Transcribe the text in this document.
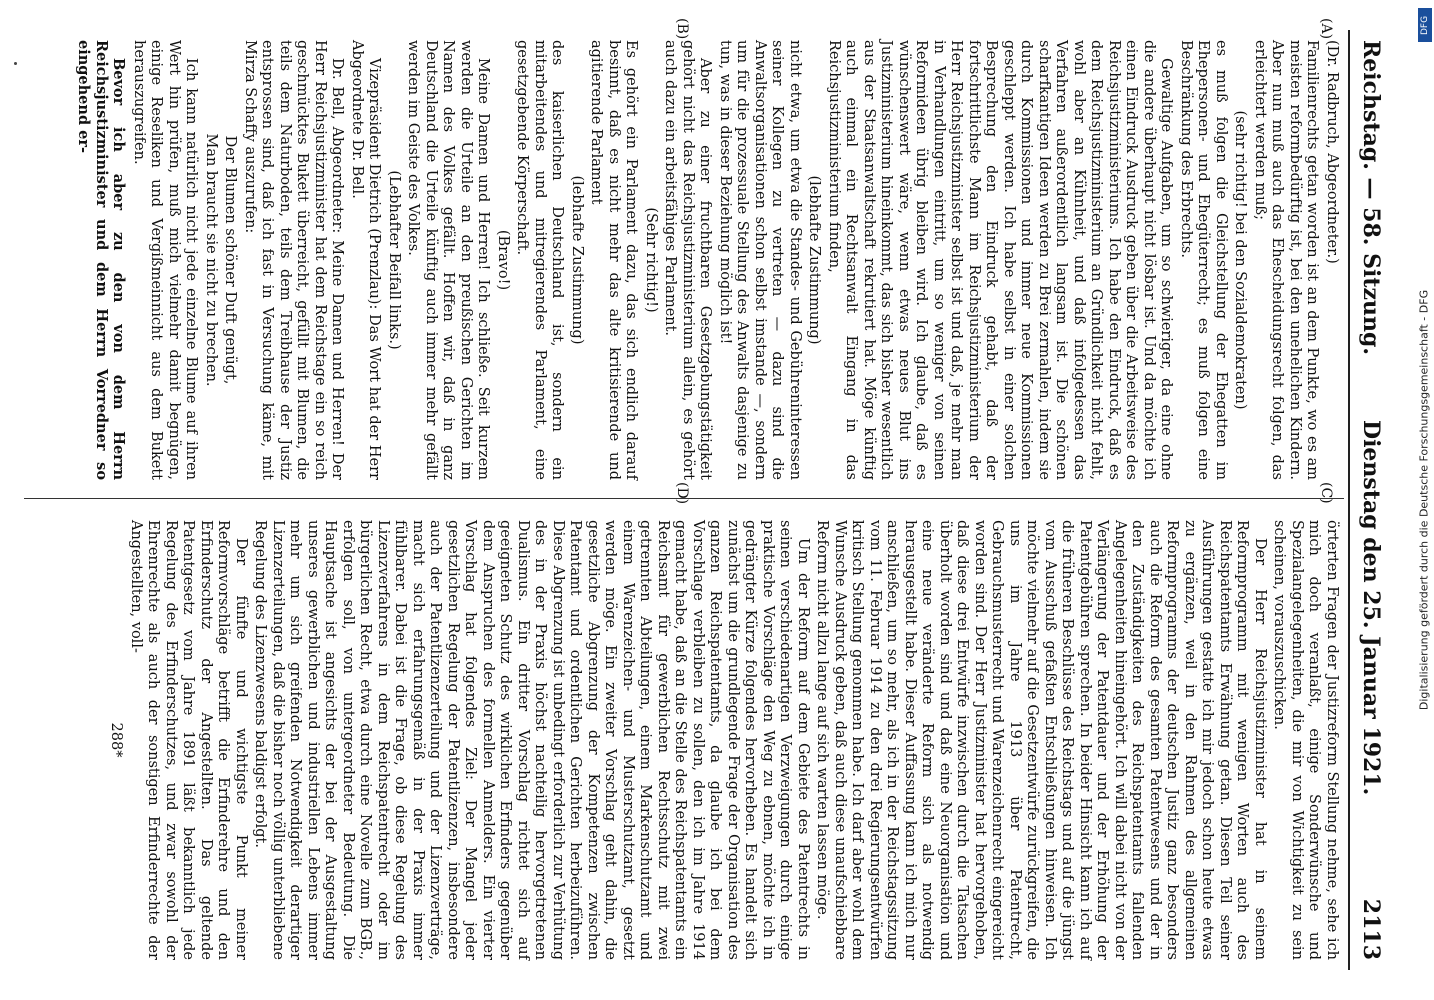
Reichstag. — 58. Sitzung.
Dienstag den 25. Januar 1921.
2113
(A)
(B)
(C)
(D)

(Dr. Radbruch, Abgeordneter.)

Familienrechts getan worden ist an dem Punkte, wo es am meisten reformbedürftig ist, bei den unehelichen Kindern. Aber nun muß auch das Ehescheidungsrecht folgen, das erleichtert werden muß;

(sehr richtig! bei den Sozialdemokraten)

es muß folgen die Gleichstellung der Ehegatten im Ehepersonen- und Ehegüterrecht; es muß folgen eine Beschränkung des Erbrechts.

Gewaltige Aufgaben, um so schwieriger, da eine ohne die andere überhaupt nicht lösbar ist. Und da möchte ich einen Eindruck Ausdruck geben über die Arbeitsweise des Reichsjustizministeriums. Ich habe den Eindruck, daß es dem Reichsjustizministerium an Gründlichkeit nicht fehlt, wohl aber an Kühnheit, und daß infolgedessen das Verfahren außerordentlich langsam ist. Die schönen scharfkantigen Ideen werden zu Brei zermahlen, indem sie durch Kommissionen und immer neue Kommissionen geschleppt werden. Ich habe selbst in einer solchen Besprechung den Eindruck gehabt, daß der fortschrittlichste Mann im Reichsjustizministerium der Herr Reichsjustizminister selbst ist und daß, je mehr man in Verhandlungen eintritt, um so weniger von seinen Reformideen übrig bleiben wird. Ich glaube, daß es wünschenswert wäre, wenn etwas neues Blut ins Justizministerium hineinkommt, das sich bisher wesentlich aus der Staatsanwaltschaft rekrutiert hat. Möge künftig auch einmal ein Rechtsanwalt Eingang in das Reichsjustizministerium finden,

(lebhafte Zustimmung)

nicht etwa, um etwa die Standes- und Gebühreninteressen seiner Kollegen zu vertreten — dazu sind die Anwaltsorganisationen schon selbst imstande —, sondern um für die prozessuale Stellung des Anwalts dasjenige zu tun, was in dieser Beziehung möglich ist!

Aber zu einer fruchtbaren Gesetzgebungstätigkeit gehört nicht das Reichsjustizministerium allein, es gehört auch dazu ein arbeitsfähiges Parlament.

(Sehr richtig!)

Es gehört ein Parlament dazu, das sich endlich darauf besinnt, daß es nicht mehr das alte kritisierende und agitierende Parlament

(lebhafte Zustimmung)

des kaiserlichen Deutschland ist, sondern ein mitarbeitendes und mitregierendes Parlament, eine gesetzgebende Körperschaft.

(Bravo!)

Meine Damen und Herren! Ich schließe. Seit kurzem werden die Urteile an den preußischen Gerichten im Namen des Volkes gefällt. Hoffen wir, daß in ganz Deutschland die Urteile künftig auch immer mehr gefällt werden im Geiste des Volkes.

(Lebhafter Beifall links.)

Vizepräsident Dietrich (Prenzlau): Das Wort hat der Herr Abgeordnete Dr. Bell.

Dr. Bell, Abgeordneter: Meine Damen und Herren! Der Herr Reichsjustizminister hat dem Reichstage ein so reich geschmücktes Bukett überreicht, gefüllt mit Blumen, die teils dem Naturboden, teils dem Treibhause der Justiz entsprossen sind, daß ich fast in Versuchung käme, mit Mirza Schaffy auszurufen:

Der Blumen schöner Duft genügt,

Man braucht sie nicht zu brechen.

Ich kann natürlich nicht jede einzelne Blume auf ihren Wert hin prüfen, muß mich vielmehr damit begnügen, einige Reseliken und Vergißmeinnicht aus dem Bukett herauszugreifen.

Bevor ich aber zu den von dem Herrn Reichsjustizminister und dem Herrn Vorredner so eingehend er-

örterten Fragen der Justizreform Stellung nehme, sehe ich mich doch veranlaßt, einige Sonderwünsche und Spezialangelegenheiten, die mir von Wichtigkeit zu sein scheinen, vorauszuschicken.

Der Herr Reichsjustizminister hat in seinem Reformprogramm mit wenigen Worten auch des Reichspatentamts Erwähnung getan. Diesen Teil seiner Ausführungen gestatte ich mir jedoch schon heute etwas zu ergänzen, weil in den Rahmen des allgemeinen Reformprogramms der deutschen Justiz ganz besonders auch die Reform des gesamten Patentwesens und der in den Zuständigkeiten des Reichspatentamts fallenden Angelegenheiten hineingehört. Ich will dabei nicht von der Verlängerung der Patentdauer und der Erhöhung der Patentgebühren sprechen. In beider Hinsicht kann ich auf die früheren Beschlüsse des Reichstags und auf die jüngst vom Ausschuß gefaßten Entschließungen hinweisen. Ich möchte vielmehr auf die Gesetzentwürfe zurückgreifen, die uns im Jahre 1913 über Patentrecht, Gebrauchsmusterrecht und Warenzeichenrecht eingereicht worden sind. Der Herr Justizminister hat hervorgehoben, daß diese drei Entwürfe inzwischen durch die Tatsachen überholt worden sind und daß eine Neuorganisation und eine neue veränderte Reform sich als notwendig herausgestellt habe. Dieser Auffassung kann ich mich nur anschließen, um so mehr, als ich in der Reichstagssitzung vom 11. Februar 1914 zu den drei Regierungsentwürfen kritisch Stellung genommen habe. Ich darf aber wohl dem Wunsche Ausdruck geben, daß auch diese unaufschiebbare Reform nicht allzu lange auf sich warten lassen möge.

Um der Reform auf dem Gebiete des Patentrechts in seinen verschiedenartigen Verzweigungen durch einige praktische Vorschläge den Weg zu ebnen, möchte ich in gedrängter Kürze folgendes hervorheben. Es handelt sich zunächst um die grundlegende Frage der Organisation des ganzen Reichspatentamts, da glaube ich bei dem Vorschlage verbleiben zu sollen, den ich im Jahre 1914 gemacht habe, daß an die Stelle des Reichspatentamts ein Reichsamt für gewerblichen Rechtsschutz mit zwei getrennten Abteilungen, einem Markenschutzamt und einem Warenzeichen- und Musterschutzamt, gesetzt werden möge. Ein zweiter Vorschlag geht dahin, die gesetzliche Abgrenzung der Kompetenzen zwischen Patentamt und ordentlichen Gerichten herbeizuführen. Diese Abgrenzung ist unbedingt erforderlich zur Verhütung des in der Praxis höchst nachteilig hervorgetretenen Dualismus. Ein dritter Vorschlag richtet sich auf geeigneten Schutz des wirklichen Erfinders gegenüber dem Anspruchen des formellen Anmelders. Ein vierter Vorschlag hat folgendes Ziel: Der Mangel jeder gesetzlichen Regelung der Patentlizenzen, insbesondere auch der Patentlizenzerteilung und der Lizenzverträge, macht sich erfahrungsgemäß in der Praxis immer fühlbarer. Dabei ist die Frage, ob diese Regelung des Lizenzverfahrens in dem Reichspatentrecht oder im bürgerlichen Recht, etwa durch eine Novelle zum BGB., erfolgen soll, von untergeordneter Bedeutung. Die Hauptsache ist angesichts der bei der Ausgestaltung unseres gewerblichen und industriellen Lebens immer mehr um sich greifenden Notwendigkeit derartiger Lizenzerteilungen, daß die bisher noch völlig unterbliebene Regelung des Lizenzwesens baldigst erfolgt.

Der fünfte und wichtigste Punkt meiner Reformvorschläge betrifft die Erfinderehre und den Erfinderschutz der Angestellten. Das geltende Patentgesetz vom Jahre 1891 läßt bekanntlich jede Regelung des Erfinderschutzes, und zwar sowohl der Ehrenrechte als auch der sonstigen Erfinderrechte der Angestellten, voll-

288*

DFG
Digitalisierung gefördert durch die Deutsche Forschungsgemeinschaft - DFG
